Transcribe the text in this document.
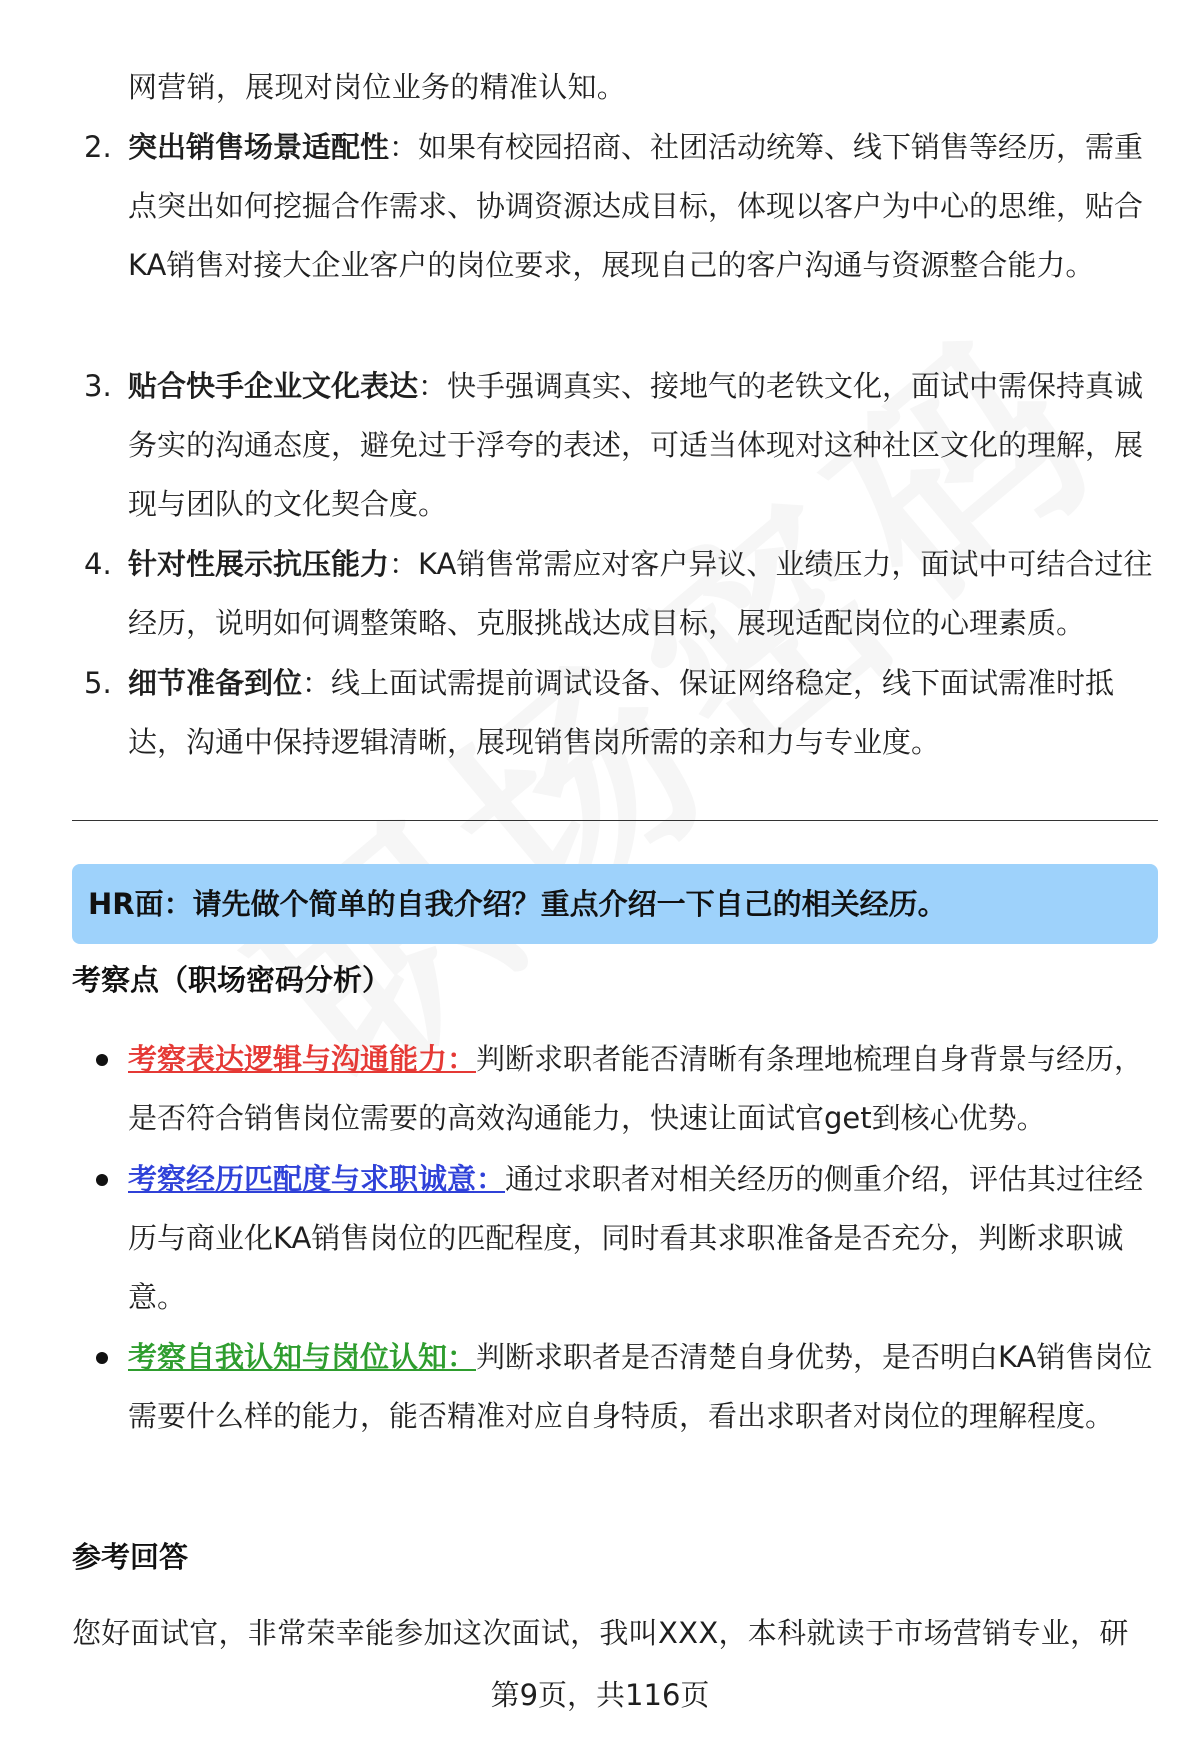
网营销，展现对岗位业务的精准认知。
2. 突出销售场景适配性：如果有校园招商、社团活动统筹、线下销售等经历，需重点突出如何挖掘合作需求、协调资源达成目标，体现以客户为中心的思维，贴合KA销售对接大企业客户的岗位要求，展现自己的客户沟通与资源整合能力。
3. 贴合快手企业文化表达：快手强调真实、接地气的老铁文化，面试中需保持真诚务实的沟通态度，避免过于浮夸的表述，可适当体现对这种社区文化的理解，展现与团队的文化契合度。
4. 针对性展示抗压能力：KA销售常需应对客户异议、业绩压力，面试中可结合过往经历，说明如何调整策略、克服挑战达成目标，展现适配岗位的心理素质。
5. 细节准备到位：线上面试需提前调试设备、保证网络稳定，线下面试需准时抵达，沟通中保持逻辑清晰，展现销售岗所需的亲和力与专业度。
HR面：请先做个简单的自我介绍？重点介绍一下自己的相关经历。
考察点（职场密码分析）
考察表达逻辑与沟通能力：判断求职者能否清晰有条理地梳理自身背景与经历，是否符合销售岗位需要的高效沟通能力，快速让面试官get到核心优势。
考察经历匹配度与求职诚意：通过求职者对相关经历的侧重介绍，评估其过往经历与商业化KA销售岗位的匹配程度，同时看其求职准备是否充分，判断求职诚意。
考察自我认知与岗位认知：判断求职者是否清楚自身优势，是否明白KA销售岗位需要什么样的能力，能否精准对应自身特质，看出求职者对岗位的理解程度。
参考回答
您好面试官，非常荣幸能参加这次面试，我叫XXX，本科就读于市场营销专业，研
第9页，共116页
